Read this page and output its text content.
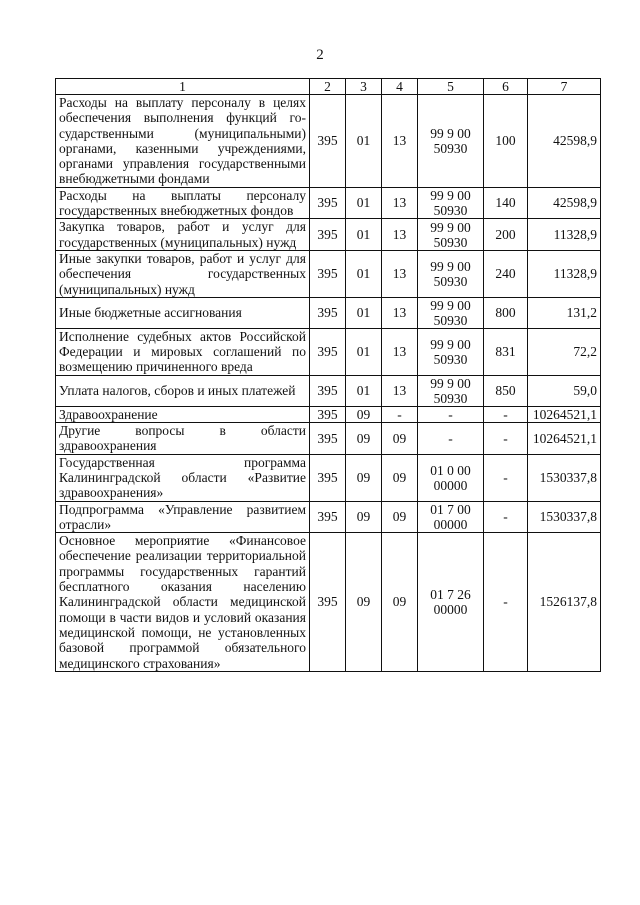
2
1	2	3	4	5	6	7
Расходы на выплату персоналу в целях обеспечения выполнения функций государственными (муниципальными) органами, казенными учреждениями, органами управления государственными внебюджетными фондами	395	01	13	99 9 00 50930	100	42598,9
Расходы на выплаты персоналу государственных внебюджетных фондов	395	01	13	99 9 00 50930	140	42598,9
Закупка товаров, работ и услуг для государственных (муниципальных) нужд	395	01	13	99 9 00 50930	200	11328,9
Иные закупки товаров, работ и услуг для обеспечения государственных (муниципальных) нужд	395	01	13	99 9 00 50930	240	11328,9
Иные бюджетные ассигнования	395	01	13	99 9 00 50930	800	131,2
Исполнение судебных актов Российской Федерации и мировых соглашений по возмещению причиненного вреда	395	01	13	99 9 00 50930	831	72,2
Уплата налогов, сборов и иных платежей	395	01	13	99 9 00 50930	850	59,0
Здравоохранение	395	09	-	-	-	10264521,1
Другие вопросы в области здравоохранения	395	09	09	-	-	10264521,1
Государственная программа Калининградской области «Развитие здравоохранения»	395	09	09	01 0 00 00000	-	1530337,8
Подпрограмма «Управление развитием отрасли»	395	09	09	01 7 00 00000	-	1530337,8
Основное мероприятие «Финансовое обеспечение реализации территориальной программы государственных гарантий бесплатного оказания населению Калининградской области медицинской помощи в части видов и условий оказания медицинской помощи, не установленных базовой программой обязательного медицинского страхования»	395	09	09	01 7 26 00000	-	1526137,8
